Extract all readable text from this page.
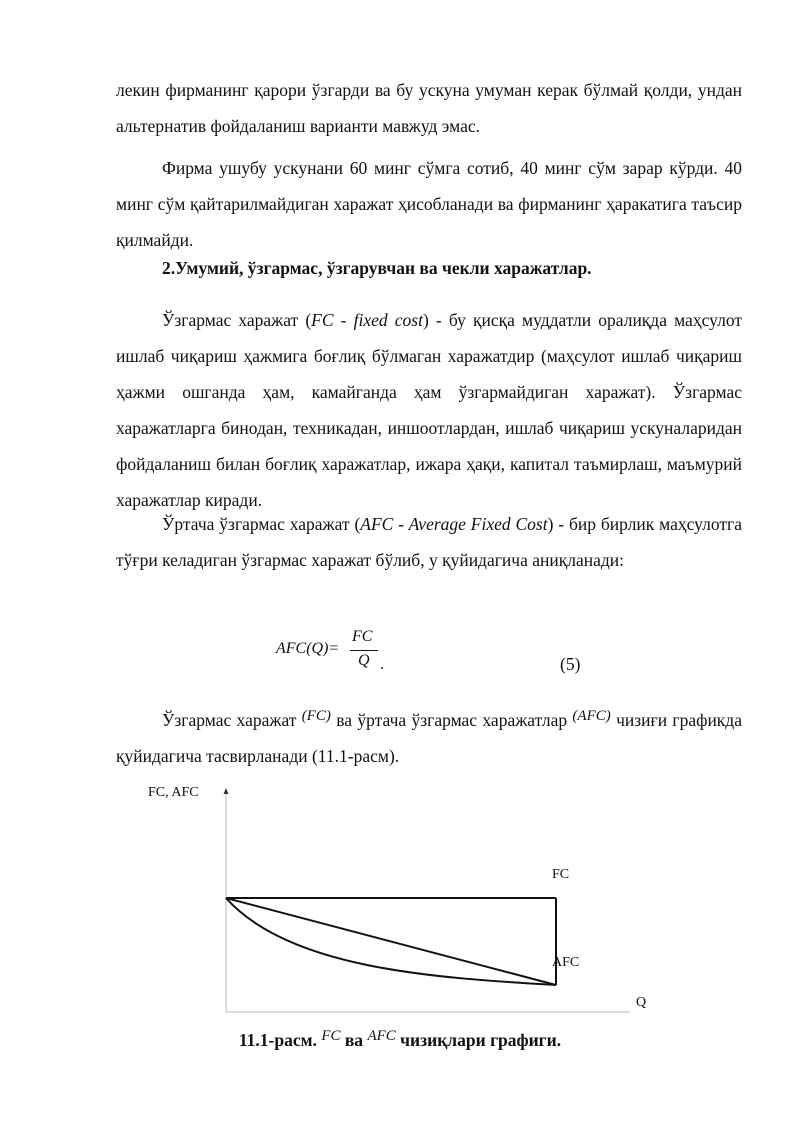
лекин фирманинг қарори ўзгарди ва бу ускуна умуман керак бўлмай қолди, ундан альтернатив фойдаланиш варианти мавжуд эмас.

Фирма ушубу ускунани 60 минг сўмга сотиб, 40 минг сўм зарар кўрди. 40 минг сўм қайтарилмайдиган харажат ҳисобланади ва фирманинг ҳаракатига таъсир қилмайди.

2.Умумий, ўзгармас, ўзгарувчан ва чекли харажатлар.

Ўзгармас харажат (FC - fixed cost) - бу қисқа муддатли оралиқда маҳсулот ишлаб чиқариш ҳажмига боғлиқ бўлмаган харажатдир (маҳсулот ишлаб чиқариш ҳажми ошганда ҳам, камайганда ҳам ўзгармайдиган харажат). Ўзгармас харажатларга бинодан, техникадан, иншоотлардан, ишлаб чиқариш ускуналаридан фойдаланиш билан боғлиқ харажатлар, ижара ҳақи, капитал таъмирлаш, маъмурий харажатлар киради.

Ўртача ўзгармас харажат (AFC - Average Fixed Cost) - бир бирлик маҳсулотга тўғри келадиган ўзгармас харажат бўлиб, у қуйидагича аниқланади:

AFC(Q)=
FC
Q .	(5)

Ўзгармас харажат (FC) ва ўртача ўзгармас харажатлар (AFC) чизиғи графикда қуйидагича тасвирланади (11.1-расм).

FC, AFC
Q
FC
AFC
11.1-расм. FC ва AFC чизиқлари графиги.
